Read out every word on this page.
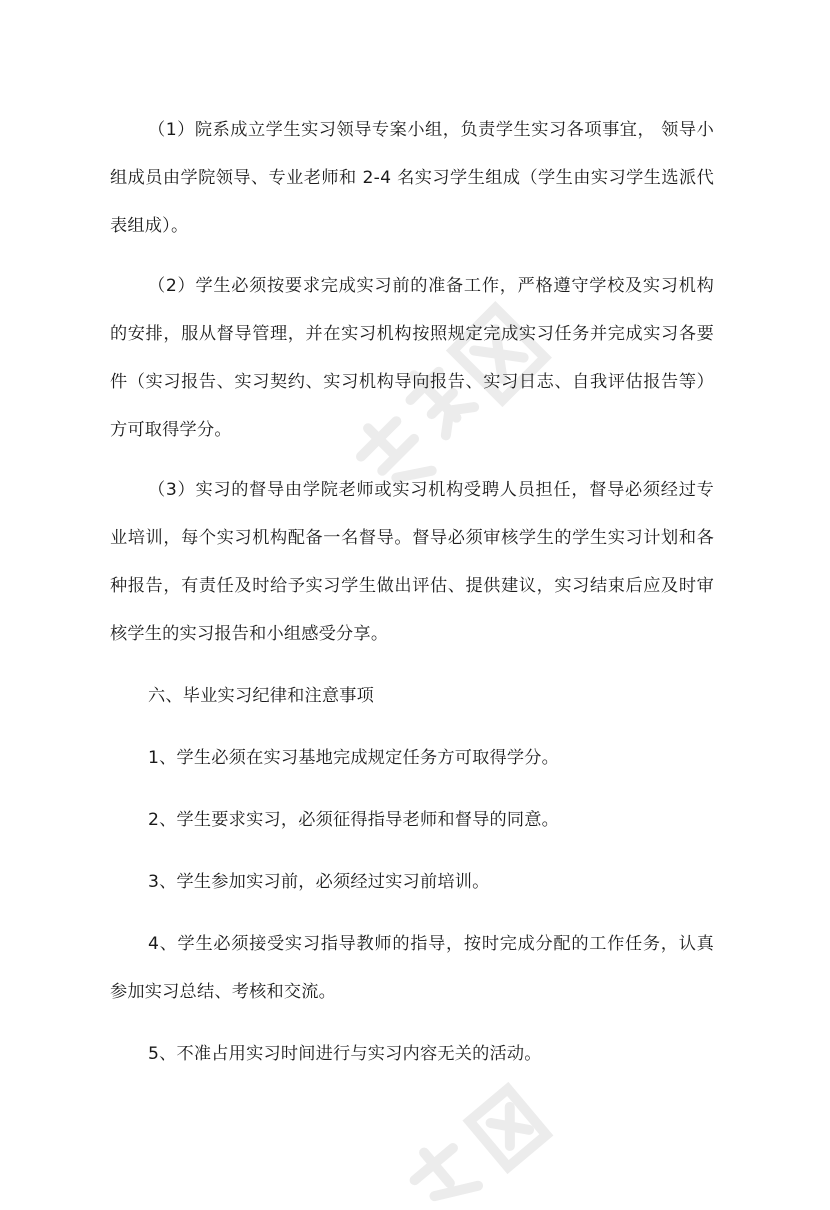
（1）院系成立学生实习领导专案小组，负责学生实习各项事宜， 领导小组成员由学院领导、专业老师和 2-4 名实习学生组成（学生由实习学生选派代表组成）。

（2）学生必须按要求完成实习前的准备工作，严格遵守学校及实习机构的安排，服从督导管理，并在实习机构按照规定完成实习任务并完成实习各要件（实习报告、实习契约、实习机构导向报告、实习日志、自我评估报告等）方可取得学分。

（3）实习的督导由学院老师或实习机构受聘人员担任，督导必须经过专业培训，每个实习机构配备一名督导。督导必须审核学生的学生实习计划和各种报告，有责任及时给予实习学生做出评估、提供建议，实习结束后应及时审核学生的实习报告和小组感受分享。

六、毕业实习纪律和注意事项

1、学生必须在实习基地完成规定任务方可取得学分。

2、学生要求实习，必须征得指导老师和督导的同意。

3、学生参加实习前，必须经过实习前培训。

4、学生必须接受实习指导教师的指导，按时完成分配的工作任务，认真参加实习总结、考核和交流。

5、不准占用实习时间进行与实习内容无关的活动。
